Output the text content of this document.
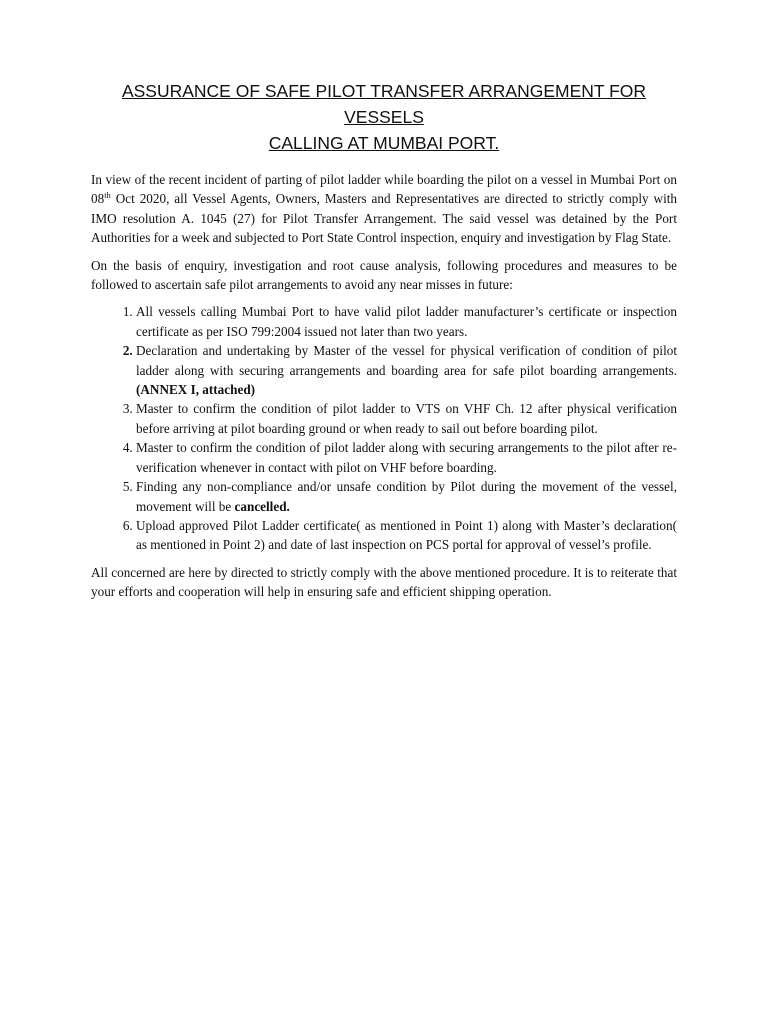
ASSURANCE OF SAFE PILOT TRANSFER ARRANGEMENT FOR VESSELS
CALLING AT MUMBAI PORT.

In view of the recent incident of parting of pilot ladder while boarding the pilot on a vessel in Mumbai Port on 08th Oct 2020, all Vessel Agents, Owners, Masters and Representatives are directed to strictly comply with IMO resolution A. 1045 (27) for Pilot Transfer Arrangement. The said vessel was detained by the Port Authorities for a week and subjected to Port State Control inspection, enquiry and investigation by Flag State.

On the basis of enquiry, investigation and root cause analysis, following procedures and measures to be followed to ascertain safe pilot arrangements to avoid any near misses in future:

1. All vessels calling Mumbai Port to have valid pilot ladder manufacturer’s certificate or inspection certificate as per ISO 799:2004 issued not later than two years.
2. Declaration and undertaking by Master of the vessel for physical verification of condition of pilot ladder along with securing arrangements and boarding area for safe pilot boarding arrangements.(ANNEX I, attached)
3. Master to confirm the condition of pilot ladder to VTS on VHF Ch. 12 after physical verification before arriving at pilot boarding ground or when ready to sail out before boarding pilot.
4. Master to confirm the condition of pilot ladder along with securing arrangements to the pilot after re-verification whenever in contact with pilot on VHF before boarding.
5. Finding any non-compliance and/or unsafe condition by Pilot during the movement of the vessel, movement will be cancelled.
6. Upload approved Pilot Ladder certificate( as mentioned in Point 1) along with Master’s declaration( as mentioned in Point 2) and date of last inspection on PCS portal for approval of vessel’s profile.

All concerned are here by directed to strictly comply with the above mentioned procedure. It is to reiterate that your efforts and cooperation will help in ensuring safe and efficient shipping operation.
